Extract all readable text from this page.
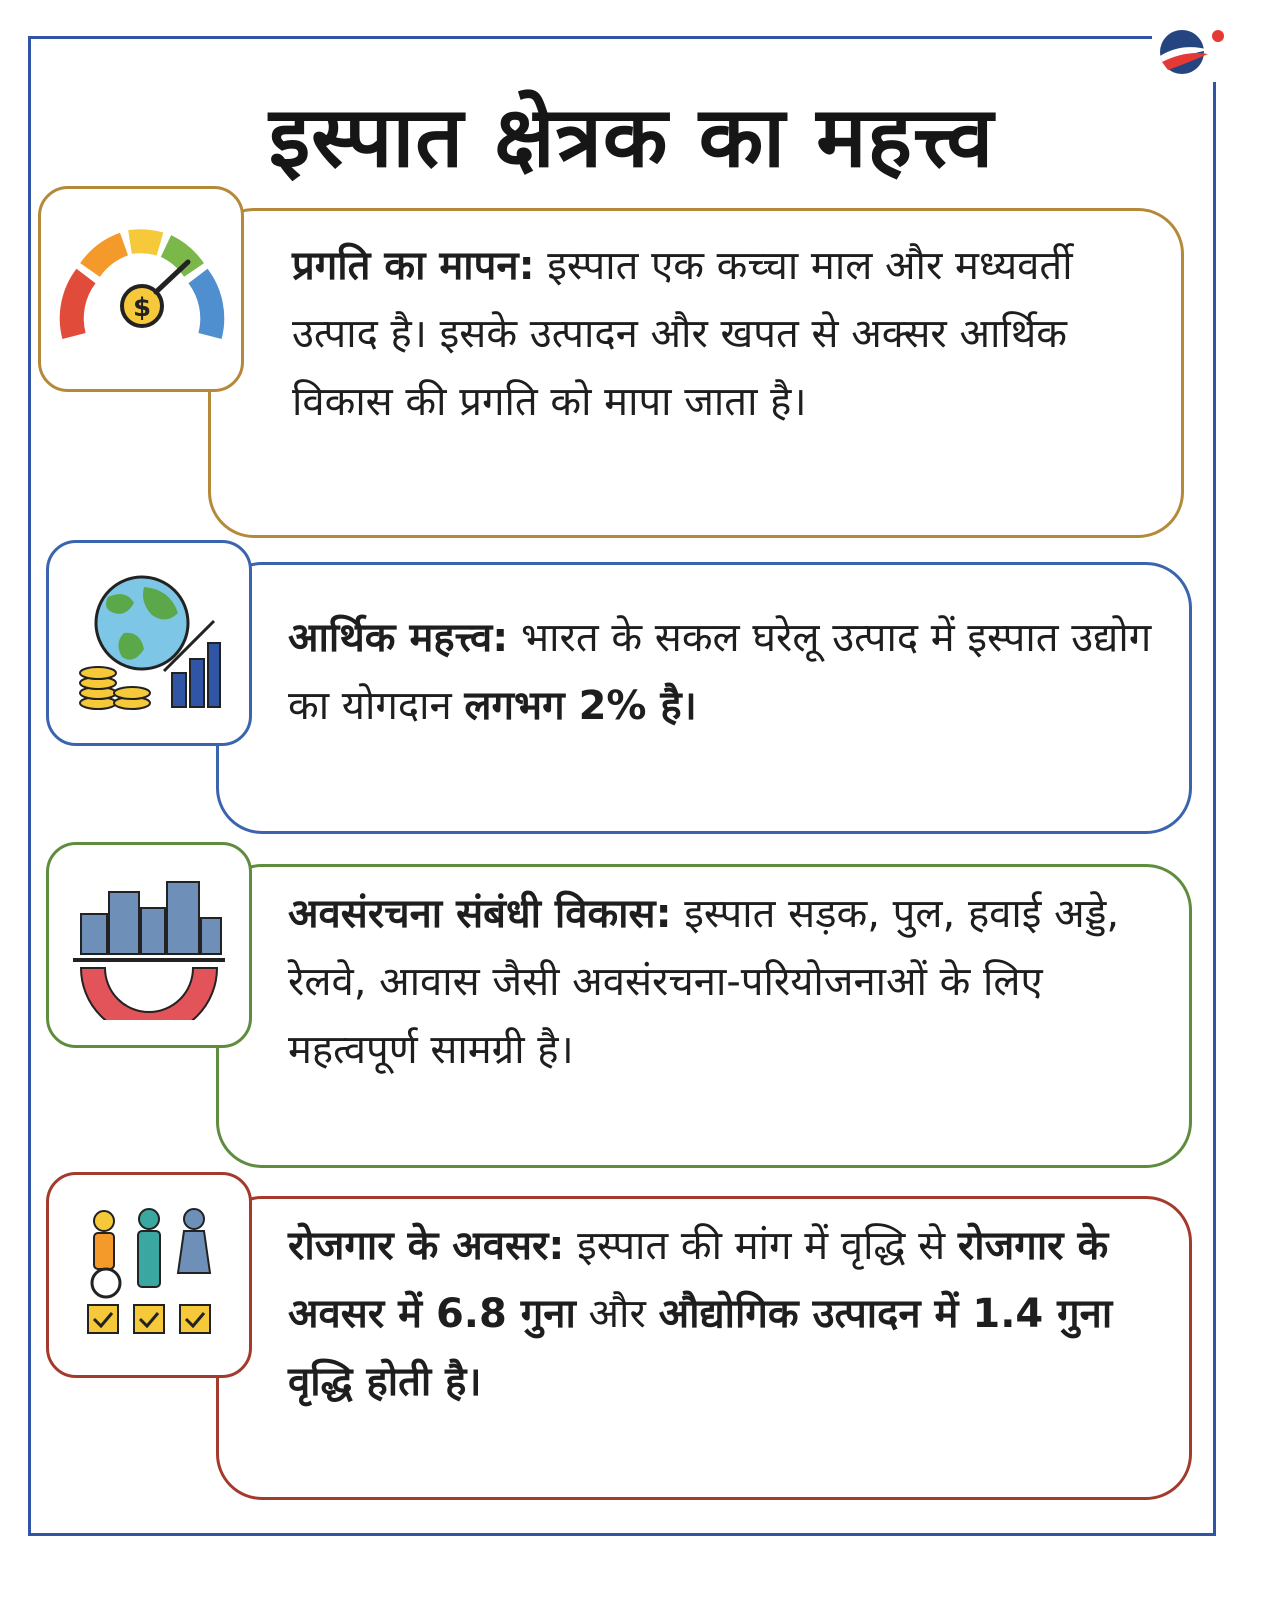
इस्पात क्षेत्रक का महत्त्व
$
प्रगति का मापन: इस्पात एक कच्चा माल और मध्यवर्ती उत्पाद है। इसके उत्पादन और खपत से अक्सर आर्थिक विकास की प्रगति को मापा जाता है।
आर्थिक महत्त्व: भारत के सकल घरेलू उत्पाद में इस्पात उद्योग का योगदान लगभग 2% है।
अवसंरचना संबंधी विकास: इस्पात सड़क, पुल, हवाई अड्डे, रेलवे, आवास जैसी अवसंरचना-परियोजनाओं के लिए महत्वपूर्ण सामग्री है।
रोजगार के अवसर: इस्पात की मांग में वृद्धि से रोजगार के अवसर में 6.8 गुना और औद्योगिक उत्पादन में 1.4 गुना वृद्धि होती है।
